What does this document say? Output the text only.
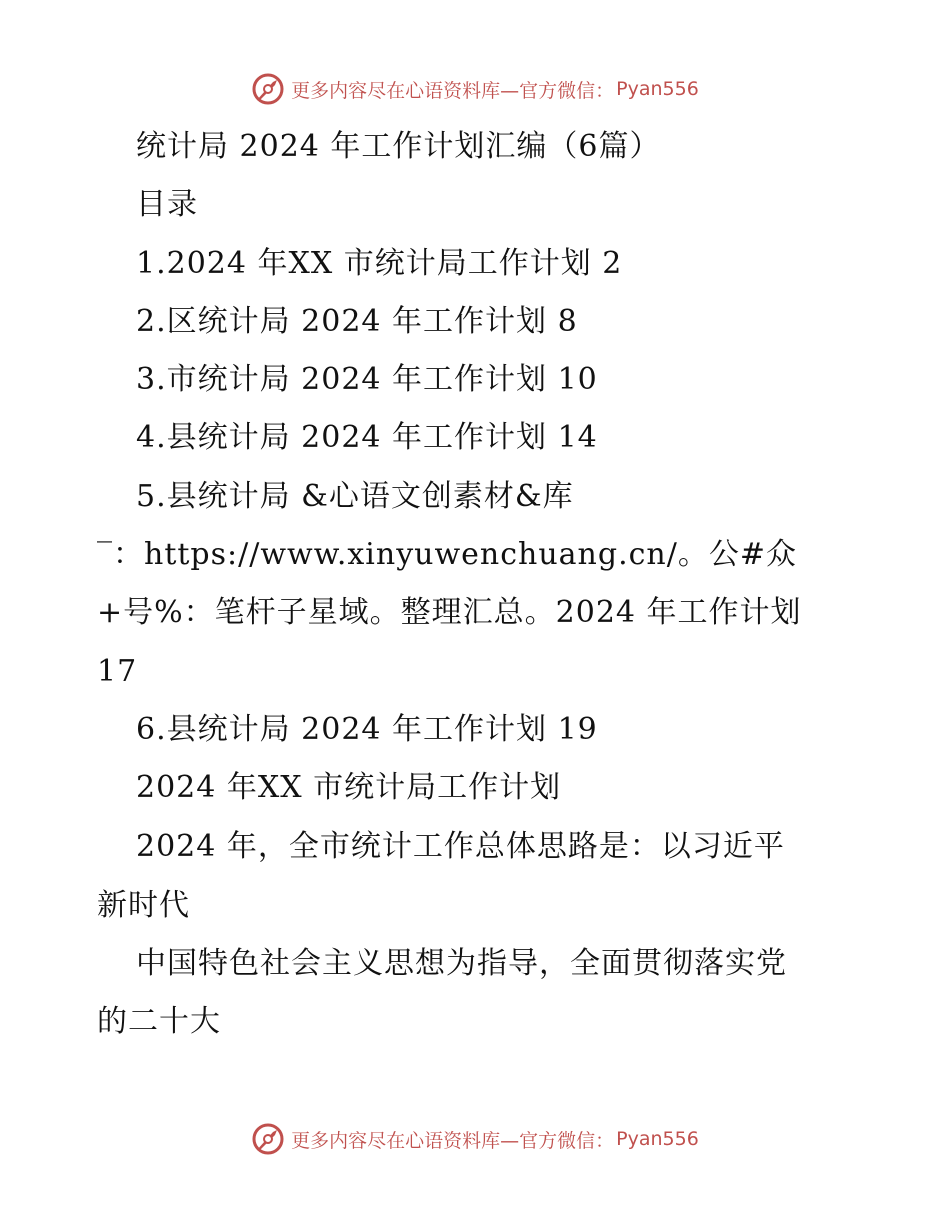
更多内容尽在心语资料库—官方微信： Pyan556
统计局 2024 年工作计划汇编（6篇）
目录
1.2024 年XX 市统计局工作计划 2
2.区统计局 2024 年工作计划 8
3.市统计局 2024 年工作计划 10
4.县统计局 2024 年工作计划 14
5.县统计局 &心语文创素材&库
‾：https://www.xinyuwenchuang.cn/。公#众
+号%：笔杆子星域。整理汇总。2024 年工作计划
17
6.县统计局 2024 年工作计划 19
2024 年XX 市统计局工作计划
2024 年，全市统计工作总体思路是：以习近平
新时代
中国特色社会主义思想为指导，全面贯彻落实党
的二十大
更多内容尽在心语资料库—官方微信： Pyan556
